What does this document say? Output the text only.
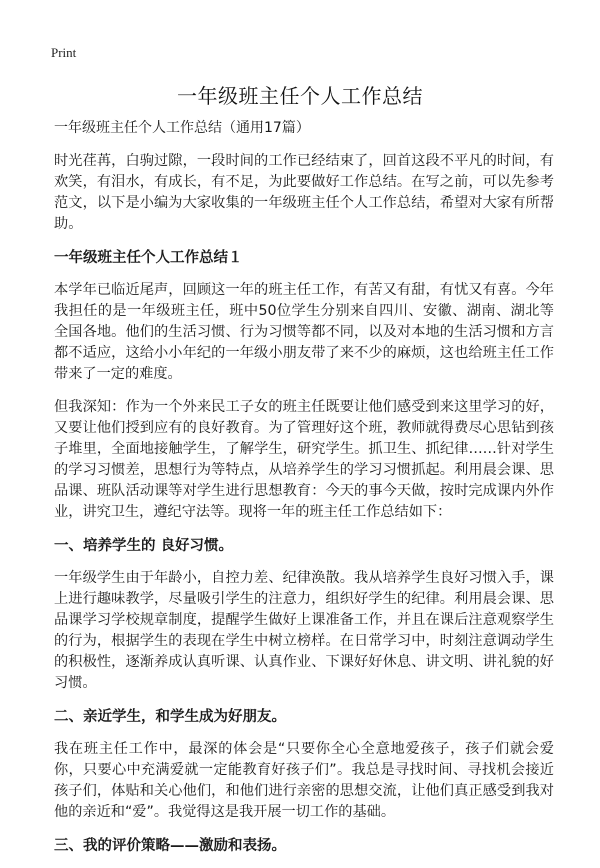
Print
一年级班主任个人工作总结

一年级班主任个人工作总结（通用17篇）

时光荏苒，白驹过隙，一段时间的工作已经结束了，回首这段不平凡的时间，有欢笑，有泪水，有成长，有不足，为此要做好工作总结。在写之前，可以先参考范文，以下是小编为大家收集的一年级班主任个人工作总结，希望对大家有所帮助。

一年级班主任个人工作总结１

本学年已临近尾声，回顾这一年的班主任工作，有苦又有甜，有忧又有喜。今年我担任的是一年级班主任，班中50位学生分别来自四川、安徽、湖南、湖北等全国各地。他们的生活习惯、行为习惯等都不同，以及对本地的生活习惯和方言都不适应，这给小小年纪的一年级小朋友带了来不少的麻烦，这也给班主任工作带来了一定的难度。

但我深知：作为一个外来民工子女的班主任既要让他们感受到来这里学习的好，又要让他们授到应有的良好教育。为了管理好这个班，教师就得费尽心思钻到孩子堆里，全面地接触学生，了解学生，研究学生。抓卫生、抓纪律……针对学生的学习习惯差，思想行为等特点，从培养学生的学习习惯抓起。利用晨会课、思品课、班队活动课等对学生进行思想教育：今天的事今天做，按时完成课内外作业，讲究卫生，遵纪守法等。现将一年的班主任工作总结如下：

一、培养学生的 良好习惯。

一年级学生由于年龄小，自控力差、纪律涣散。我从培养学生良好习惯入手，课上进行趣味教学，尽量吸引学生的注意力，组织好学生的纪律。利用晨会课、思品课学习学校规章制度，提醒学生做好上课准备工作，并且在课后注意观察学生的行为，根据学生的表现在学生中树立榜样。在日常学习中，时刻注意调动学生的积极性，逐渐养成认真听课、认真作业、下课好好休息、讲文明、讲礼貌的好习惯。

二、亲近学生，和学生成为好朋友。

我在班主任工作中，最深的体会是“只要你全心全意地爱孩子，孩子们就会爱你，只要心中充满爱就一定能教育好孩子们”。我总是寻找时间、寻找机会接近孩子们，体贴和关心他们，和他们进行亲密的思想交流，让他们真正感受到我对他的亲近和“爱”。我觉得这是我开展一切工作的基础。

三、我的评价策略——激励和表扬。
